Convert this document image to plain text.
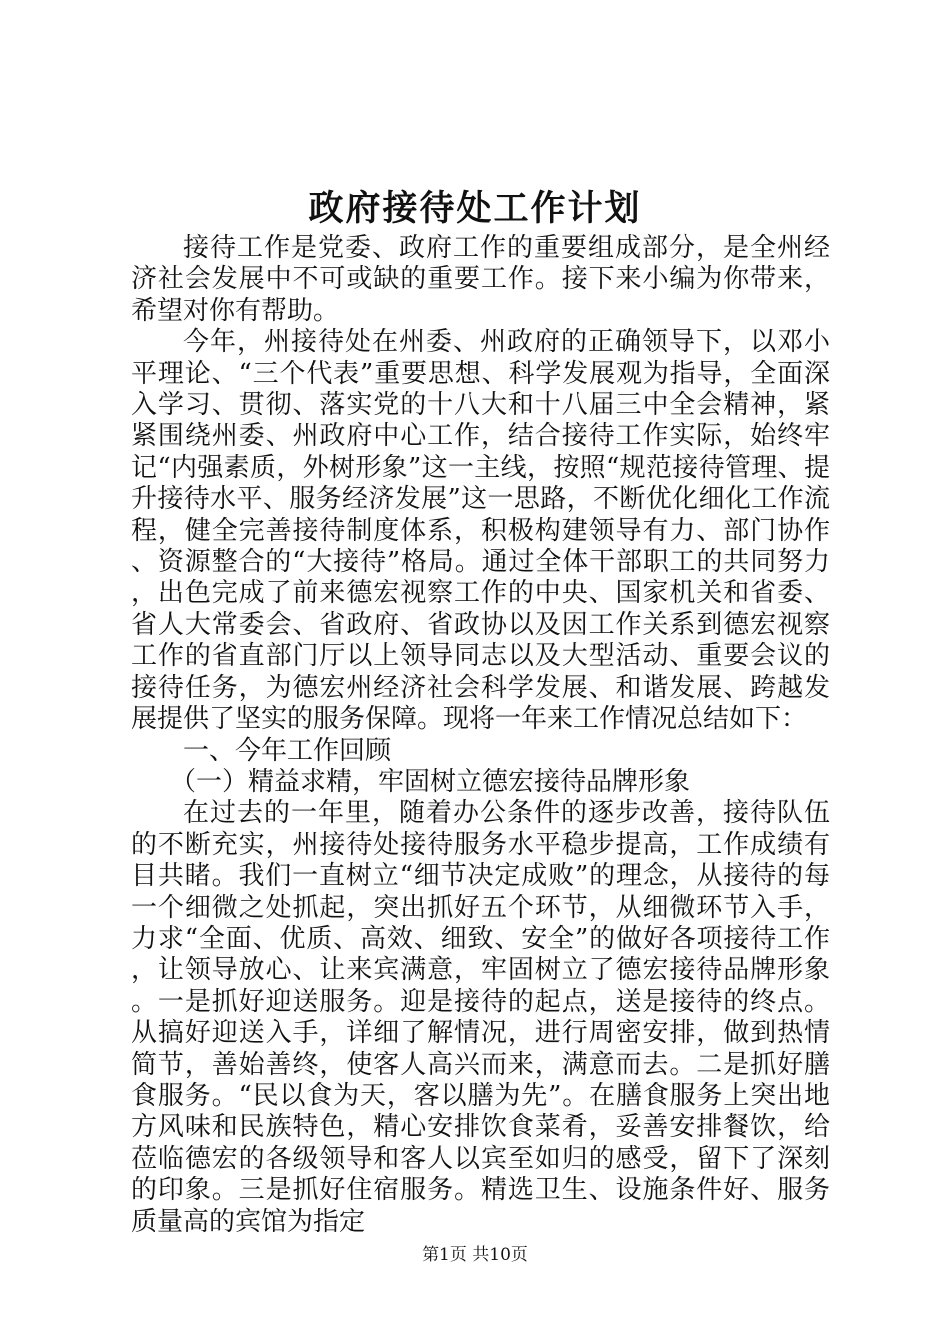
政府接待处工作计划

接待工作是党委、政府工作的重要组成部分，是全州经济社会发展中不可或缺的重要工作。接下来小编为你带来，希望对你有帮助。

今年，州接待处在州委、州政府的正确领导下，以邓小平理论、“三个代表”重要思想、科学发展观为指导，全面深入学习、贯彻、落实党的十八大和十八届三中全会精神，紧紧围绕州委、州政府中心工作，结合接待工作实际，始终牢记“内强素质，外树形象”这一主线，按照“规范接待管理、提升接待水平、服务经济发展”这一思路，不断优化细化工作流程，健全完善接待制度体系，积极构建领导有力、部门协作、资源整合的“大接待”格局。通过全体干部职工的共同努力，出色完成了前来德宏视察工作的中央、国家机关和省委、省人大常委会、省政府、省政协以及因工作关系到德宏视察工作的省直部门厅以上领导同志以及大型活动、重要会议的接待任务，为德宏州经济社会科学发展、和谐发展、跨越发展提供了坚实的服务保障。现将一年来工作情况总结如下：

一、今年工作回顾

（一）精益求精，牢固树立德宏接待品牌形象

在过去的一年里，随着办公条件的逐步改善，接待队伍的不断充实，州接待处接待服务水平稳步提高，工作成绩有目共睹。我们一直树立“细节决定成败”的理念，从接待的每一个细微之处抓起，突出抓好五个环节，从细微环节入手，力求“全面、优质、高效、细致、安全”的做好各项接待工作，让领导放心、让来宾满意，牢固树立了德宏接待品牌形象。一是抓好迎送服务。迎是接待的起点，送是接待的终点。从搞好迎送入手，详细了解情况，进行周密安排，做到热情简节，善始善终，使客人高兴而来，满意而去。二是抓好膳食服务。“民以食为天，客以膳为先”。在膳食服务上突出地方风味和民族特色，精心安排饮食菜肴，妥善安排餐饮，给莅临德宏的各级领导和客人以宾至如归的感受，留下了深刻的印象。三是抓好住宿服务。精选卫生、设施条件好、服务质量高的宾馆为指定

第1页 共10页
